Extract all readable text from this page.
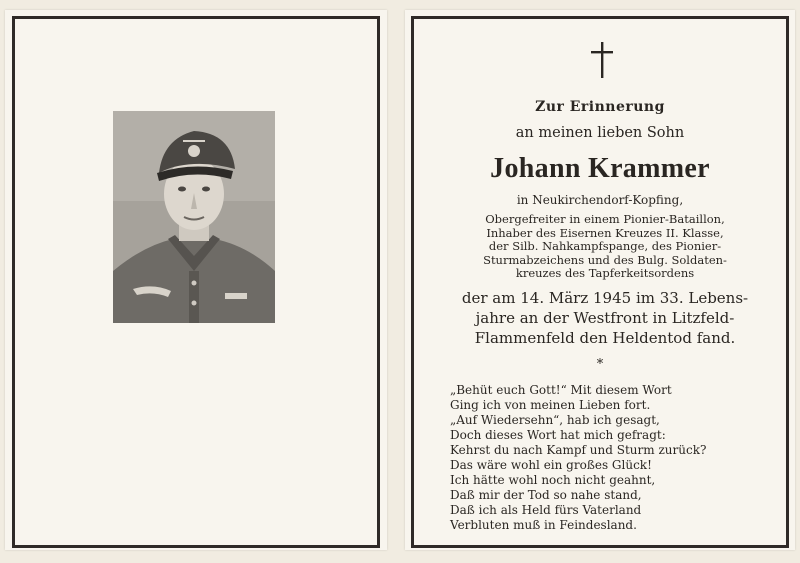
Zur Erinnerung
an meinen lieben Sohn
Johann Krammer
in Neukirchendorf-Kopfing,
Obergefreiter in einem Pionier-Bataillon,
Inhaber des Eisernen Kreuzes II. Klasse,
der Silb. Nahkampfspange, des Pionier-
Sturmabzeichens und des Bulg. Soldaten-
kreuzes des Tapferkeitsordens
der am 14. März 1945 im 33. Lebens-
jahre an der Westfront in Litzfeld-
Flammenfeld den Heldentod fand.
*
„Behüt euch Gott!“ Mit diesem Wort
Ging ich von meinen Lieben fort.
„Auf Wiedersehn“, hab ich gesagt,
Doch dieses Wort hat mich gefragt:
Kehrst du nach Kampf und Sturm zurück?
Das wäre wohl ein großes Glück!
Ich hätte wohl noch nicht geahnt,
Daß mir der Tod so nahe stand,
Daß ich als Held fürs Vaterland
Verbluten muß in Feindesland.
